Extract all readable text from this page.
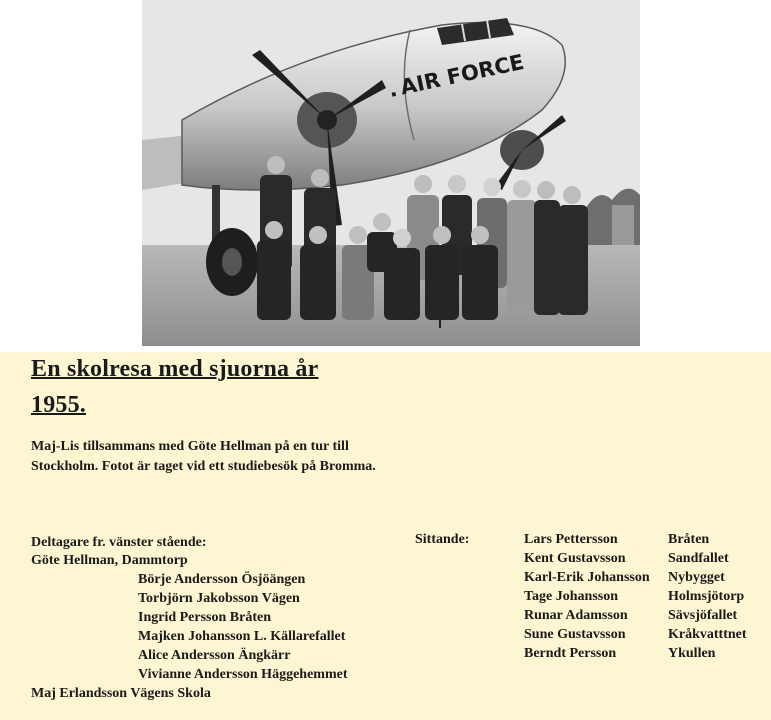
.
AIR FORCE
En skolresa med sjuorna år
1955.
Maj-Lis tillsammans med Göte Hellman på en tur till Stockholm. Fotot är taget vid ett studiebesök på Bromma.
Deltagare fr. vänster stående:
Göte Hellman, Dammtorp
Börje Andersson Ösjöängen
Torbjörn Jakobsson Vägen
Ingrid Persson Bråten
Majken Johansson L. Källarefallet
Alice Andersson Ängkärr
Vivianne Andersson Häggehemmet
Maj Erlandsson Vägens Skola
Sittande:	Lars Pettersson	Bråten
Kent Gustavsson	Sandfallet
Karl-Erik Johansson Nybygget
Tage Johansson	Holmsjötorp
Runar Adamsson	Sävsjöfallet
Sune Gustavsson	Kråkvatttnet
Berndt Persson	Ykullen
